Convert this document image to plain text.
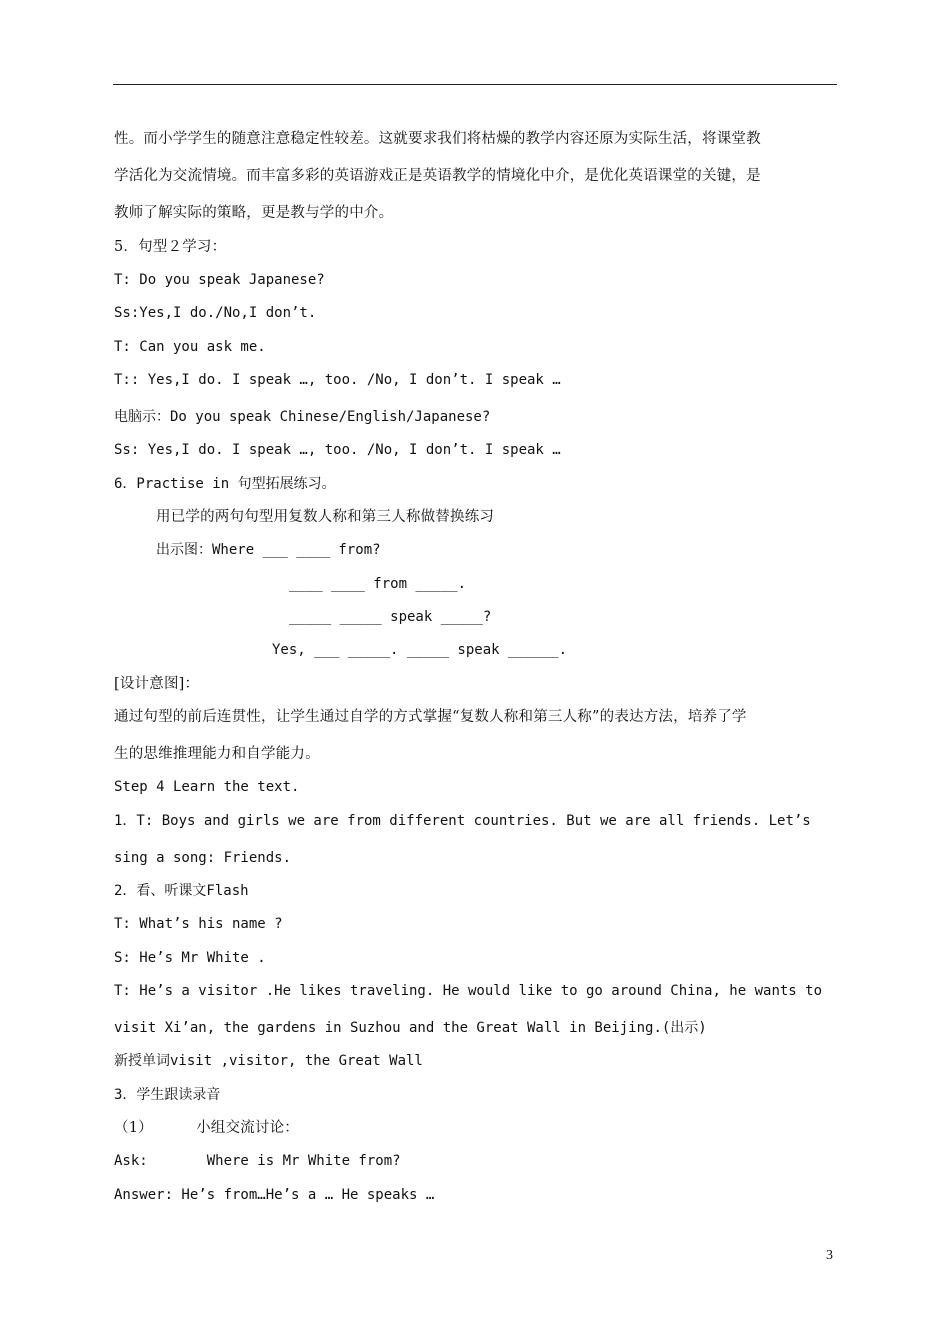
性。而小学学生的随意注意稳定性较差。这就要求我们将枯燥的教学内容还原为实际生活，将课堂教
学活化为交流情境。而丰富多彩的英语游戏正是英语教学的情境化中介，是优化英语课堂的关键，是
教师了解实际的策略，更是教与学的中介。
5．句型２学习：
T: Do you speak Japanese?
Ss:Yes,I do./No,I don’t.
T: Can you ask me.
T:: Yes,I do. I speak …, too. /No, I don’t. I speak …
电脑示：Do you speak Chinese/English/Japanese?
Ss: Yes,I do. I speak …, too. /No, I don’t. I speak …
6．Practise in 句型拓展练习。
用已学的两句句型用复数人称和第三人称做替换练习
出示图：Where ___ ____ from?
____ ____ from _____.
_____ _____ speak _____?
Yes, ___ _____. _____ speak ______.
[设计意图]：
通过句型的前后连贯性，让学生通过自学的方式掌握“复数人称和第三人称”的表达方法，培养了学
生的思维推理能力和自学能力。
Step 4 Learn the text.
1．T: Boys and girls we are from different countries. But we are all friends. Let’s
sing a song: Friends.
2．看、听课文Flash
T: What’s his name ?
S: He’s Mr White .
T: He’s a visitor .He likes traveling. He would like to go around China, he wants to
visit Xi’an, the gardens in Suzhou and the Great Wall in Beijing.(出示)
新授单词visit ,visitor, the Great Wall
3．学生跟读录音
（1）         小组交流讨论：
Ask:       Where is Mr White from?
Answer: He’s from…He’s a … He speaks …
3
